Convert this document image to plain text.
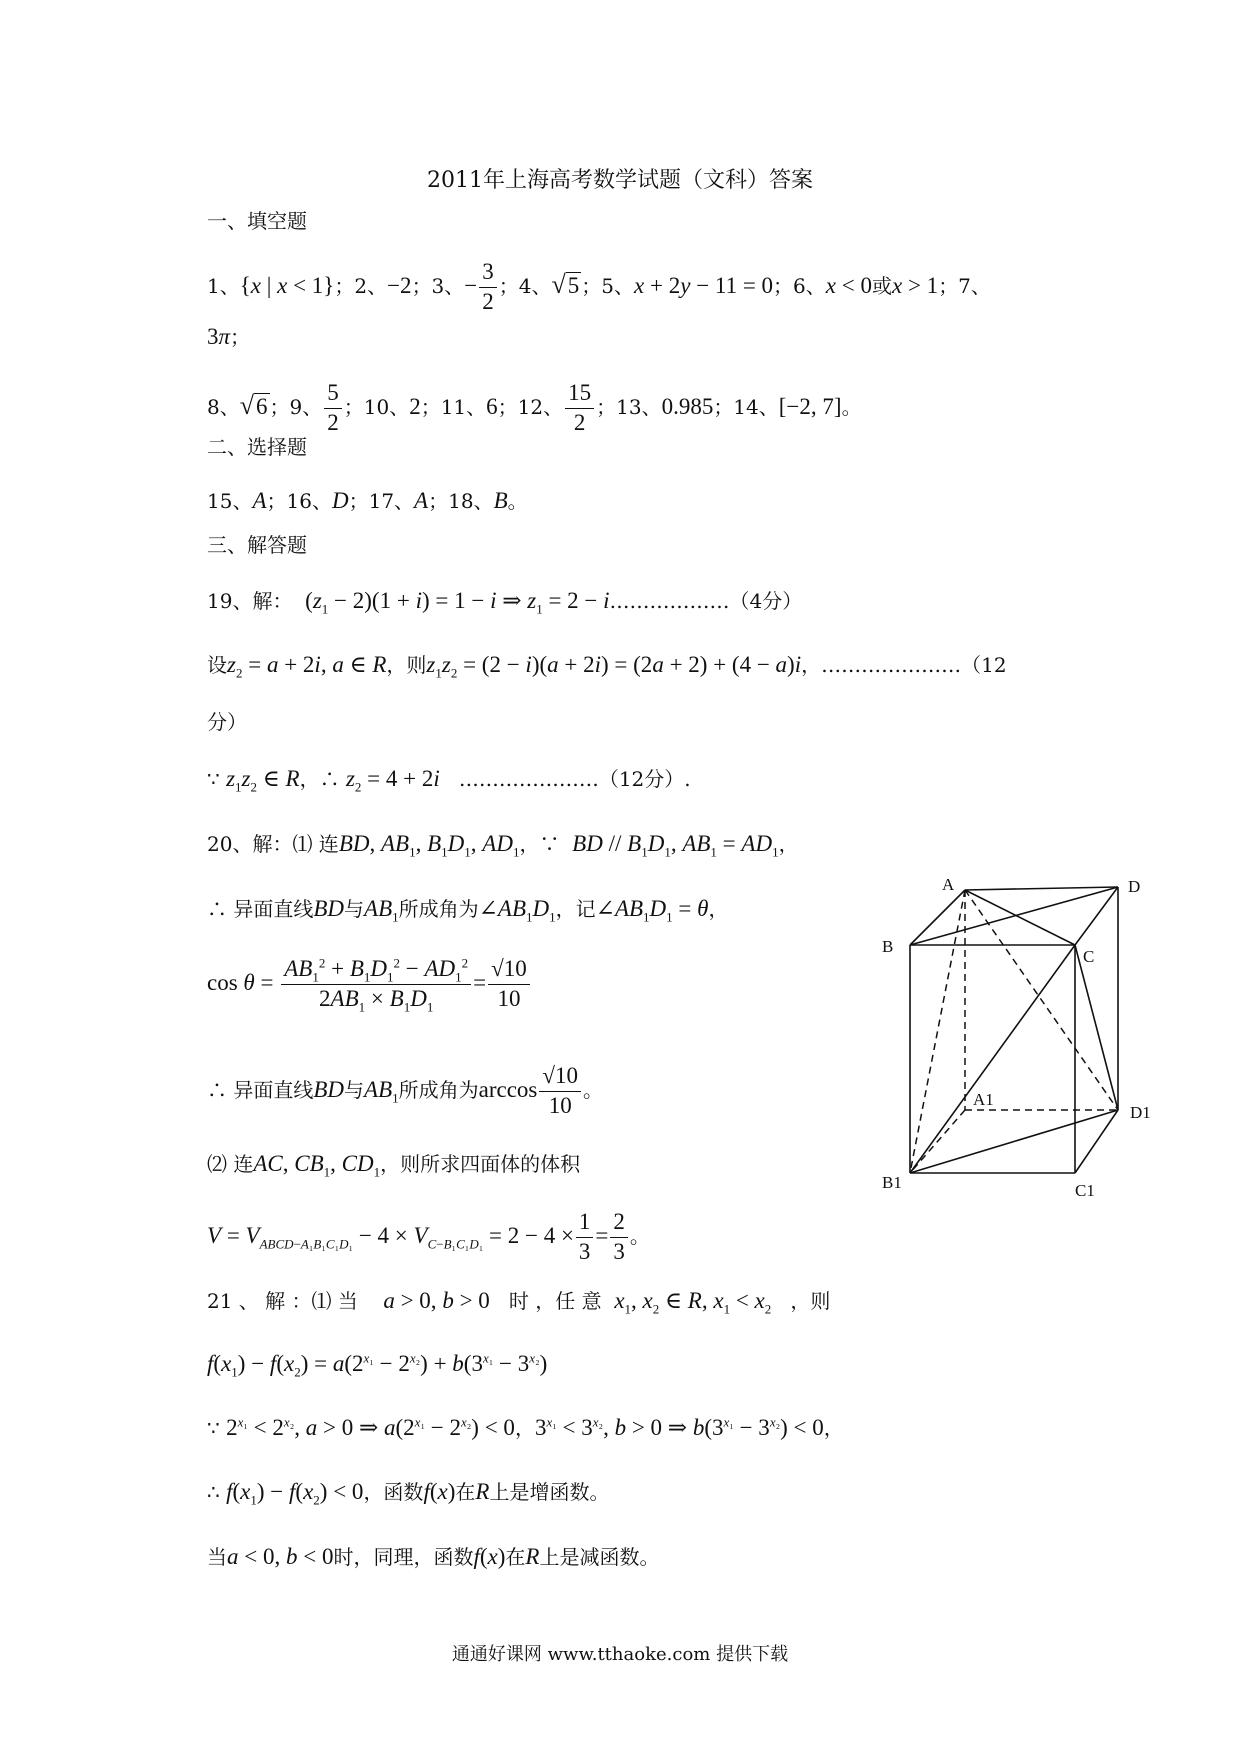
2011年上海高考数学试题（文科）答案
一、填空题
1、{x | x < 1}；2、−2；3、− $\frac{3}{2}$ ；4、√5 ；5、x + 2y − 11 = 0；6、x < 0或x > 1；7、
3π；
8、√6 ；9、 $\frac{5}{2}$ ；10、2；11、6；12、 $\frac{15}{2}$ ；13、0.985；14、[−2, 7]。
二、选择题
15、A；16、D；17、A；18、B。
三、解答题
19、解： $(z_1 - 2)(1 + i) = 1 - i$ ⇒ $z_1 = 2$ − i………………（4分）
设$z_2 = a + 2i$, a ∈ R，则$z_1z_2 = (2 - i)(a + 2i) = (2a + 2) + (4 - a)i$，…………………（12
分）
∵ $z_1z_2$ ∈ R，∴ $z_2 = 4 + 2i$ …………………（12分）.
20、解：⑴ 连BD, $AB_1$, $B_1D_1$, $AD_1$，∵ BD // $B_1D_1$, $AB_1 = AD_1$，
∴ 异面直线BD与$AB_1$所成角为$\angle AB_1D_1$，记$\angle AB_1D_1 = \theta$，
$\cos \theta = \frac{AB_1^2 + B_1D_1^2 - AD_1^2}{2AB_1 \times B_1D_1} = \frac{√10}{10}$
∴ 异面直线BD与$AB_1$所成角为$\arccos \frac{√10}{10}$ 。
⑵ 连AC, $CB_1$, $CD_1$，则所求四面体的体积
$V = V_{ABCD-A_1B_1C_1D_1} - 4 \times V_{C-B_1C_1D_1} = 2 - 4 \times \frac{1}{3} = \frac{2}{3}$ 。
21 、 解 ：⑴ 当 a > 0, b > 0 时 ，任 意 $x_1$, $x_2$ ∈ R, $x_1 < x_2$ ，则
$f(x_1) - f(x_2) = a(2^{x_1} - 2^{x_2}) + b(3^{x_1} - 3^{x_2})$
∵ $2^{x_1} < 2^{x_2}$, a > 0 ⇒ $a(2^{x_1} - 2^{x_2}) < 0$，$3^{x_1} < 3^{x_2}$, b > 0 ⇒ $b(3^{x_1} - 3^{x_2}) < 0$，
∴ $f(x_1) - f(x_2) < 0$，函数f(x)在R上是增函数。
当a < 0, b < 0时，同理，函数f(x)在R上是减函数。
A	D
B
C
A1
D1
B1	C1
通通好课网 www.tthaoke.com 提供下载
